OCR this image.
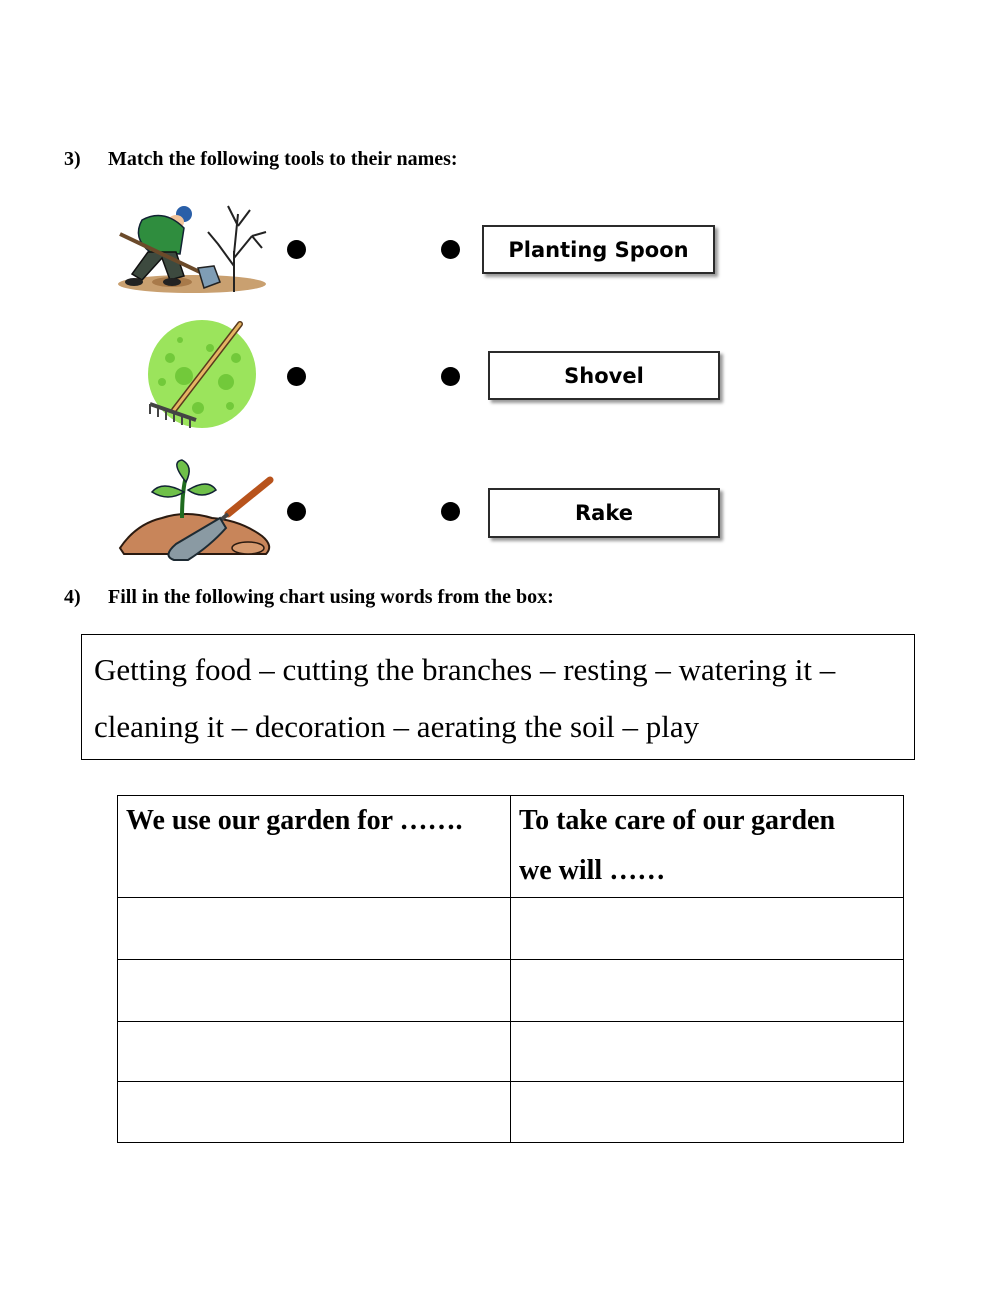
3) Match the following tools to their names:
Planting Spoon
Shovel
Rake
4) Fill in the following chart using words from the box:
Getting food – cutting the branches – resting – watering it –
cleaning it – decoration – aerating the soil – play
We use our garden for …….	To take care of our garden
we will ……
